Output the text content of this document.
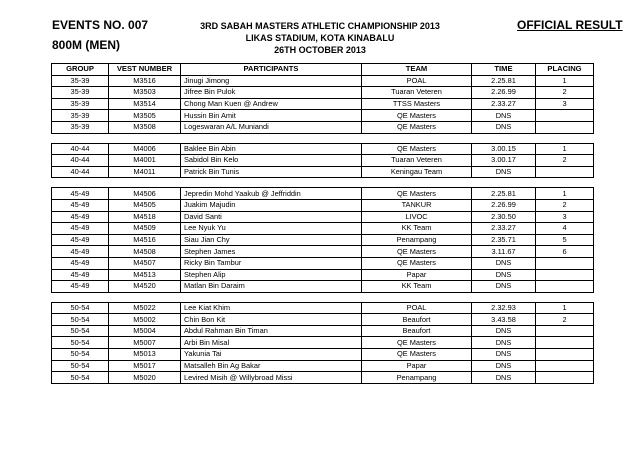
EVENTS NO. 007
800M (MEN)
3RD SABAH MASTERS ATHLETIC CHAMPIONSHIP 2013
LIKAS STADIUM, KOTA KINABALU
26TH OCTOBER 2013
OFFICIAL RESULT
GROUP	VEST NUMBER	PARTICIPANTS	TEAM	TIME	PLACING
35-39	M3516	Jinugi Jimong	POAL	2.25.81	1
35-39	M3503	Jifree Bin Pulok	Tuaran Veteren	2.26.99	2
35-39	M3514	Chong Man Kuen @ Andrew	TTSS Masters	2.33.27	3
35-39	M3505	Hussin Bin Amit	QE Masters	DNS	
35-39	M3508	Logeswaran A/L Muniandi	QE Masters	DNS	

40-44	M4006	Baklee Bin Abin	QE Masters	3.00.15	1
40-44	M4001	Sabidol Bin Kelo	Tuaran Veteren	3.00.17	2
40-44	M4011	Patrick Bin Tunis	Keningau Team	DNS	

45-49	M4506	Jepredin Mohd Yaakub @ Jeffriddin	QE Masters	2.25.81	1
45-49	M4505	Juakim Majudin	TANKUR	2.26.99	2
45-49	M4518	David Santi	LIVOC	2.30.50	3
45-49	M4509	Lee Nyuk Yu	KK Team	2.33.27	4
45-49	M4516	Siau Jian Chy	Penampang	2.35.71	5
45-49	M4508	Stephen James	QE Masters	3.11.67	6
45-49	M4507	Ricky Bin Tambur	QE Masters	DNS	
45-49	M4513	Stephen Alip	Papar	DNS	
45-49	M4520	Matlan Bin Daraim	KK Team	DNS	

50-54	M5022	Lee Kiat Khim	POAL	2.32.93	1
50-54	M5002	Chin Bon Kit	Beaufort	3.43.58	2
50-54	M5004	Abdul Rahman Bin Timan	Beaufort	DNS	
50-54	M5007	Arbi Bin Misal	QE Masters	DNS	
50-54	M5013	Yakunia Tai	QE Masters	DNS	
50-54	M5017	Matsalleh Bin Ag Bakar	Papar	DNS	
50-54	M5020	Levired Misih @ Willybroad Missi	Penampang	DNS	
